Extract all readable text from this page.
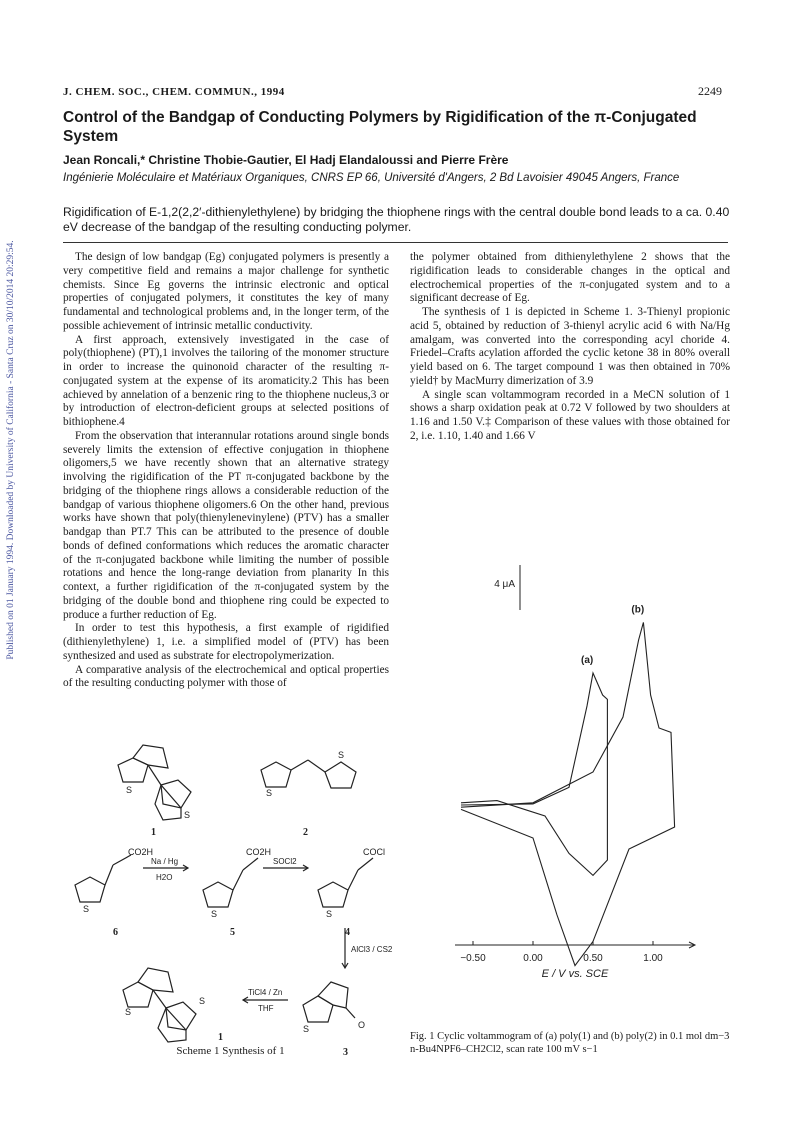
Published on 01 January 1994. Downloaded by University of California - Santa Cruz on 30/10/2014 20:29:54.
J. CHEM. SOC., CHEM. COMMUN., 1994	2249
Control of the Bandgap of Conducting Polymers by Rigidification of the π-Conjugated System
Jean Roncali,* Christine Thobie-Gautier, El Hadj Elandaloussi and Pierre Frère
Ingénierie Moléculaire et Matériaux Organiques, CNRS EP 66, Université d'Angers, 2 Bd Lavoisier 49045 Angers, France
Rigidification of E-1,2(2,2′-dithienylethylene) by bridging the thiophene rings with the central double bond leads to a ca. 0.40 eV decrease of the bandgap of the resulting conducting polymer.

The design of low bandgap (Eg) conjugated polymers is presently a very competitive field and remains a major challenge for synthetic chemists. Since Eg governs the intrinsic electronic and optical properties of conjugated polymers, it constitutes the key of many fundamental and technological problems and, in the longer term, of the possible achievement of intrinsic metallic conductivity.

A first approach, extensively investigated in the case of poly(thiophene) (PT),1 involves the tailoring of the monomer structure in order to increase the quinonoid character of the resulting π-conjugated system at the expense of its aromaticity.2 This has been achieved by annelation of a benzenic ring to the thiophene nucleus,3 or by introduction of electron-deficient groups at selected positions of bithiophene.4

From the observation that interannular rotations around single bonds severely limits the extension of effective conjugation in thiophene oligomers,5 we have recently shown that an alternative strategy involving the rigidification of the PT π-conjugated backbone by the bridging of the thiophene rings allows a considerable reduction of the bandgap of various thiophene oligomers.6 On the other hand, previous works have shown that poly(thienylenevinylene) (PTV) has a smaller bandgap than PT.7 This can be attributed to the presence of double bonds of defined conformations which reduces the aromatic character of the π-conjugated backbone while limiting the number of possible rotations and hence the long-range deviation from planarity In this context, a further rigidification of the π-conjugated system by the bridging of the double bond and thiophene ring could be expected to produce a further reduction of Eg.

In order to test this hypothesis, a first example of rigidified (dithienylethylene) 1, i.e. a simplified model of (PTV) has been synthesized and used as substrate for electropolymerization.

A comparative analysis of the electrochemical and optical properties of the resulting conducting polymer with those of

the polymer obtained from dithienylethylene 2 shows that the rigidification leads to considerable changes in the optical and electrochemical properties of the π-conjugated system and to a significant decrease of Eg.

The synthesis of 1 is depicted in Scheme 1. 3-Thienyl propionic acid 5, obtained by reduction of 3-thienyl acrylic acid 6 with Na/Hg amalgam, was converted into the corresponding acyl choride 4. Friedel–Crafts acylation afforded the cyclic ketone 38 in 80% overall yield based on 6. The target compound 1 was then obtained in 70% yield† by MacMurry dimerization of 3.9

A single scan voltammogram recorded in a MeCN solution of 1 shows a sharp oxidation peak at 0.72 V followed by two shoulders at 1.16 and 1.50 V.‡ Comparison of these values with those obtained for 2, i.e. 1.10, 1.40 and 1.66 V

S
S
S
S
S	S	S
S	O
S
S
CO2H	CO2H	COCl
Na / Hg
H2O
SOCl2
AlCl3 / CS2
TiCl4 / Zn
THF
1	2
6	5	4
3
1
Scheme 1 Synthesis of 1
−0.50	0.00	0.50	1.00
E / V vs. SCE
4 μA
(a)
(b)
Fig. 1 Cyclic voltammogram of (a) poly(1) and (b) poly(2) in 0.1 mol dm−3 n-Bu4NPF6–CH2Cl2, scan rate 100 mV s−1
